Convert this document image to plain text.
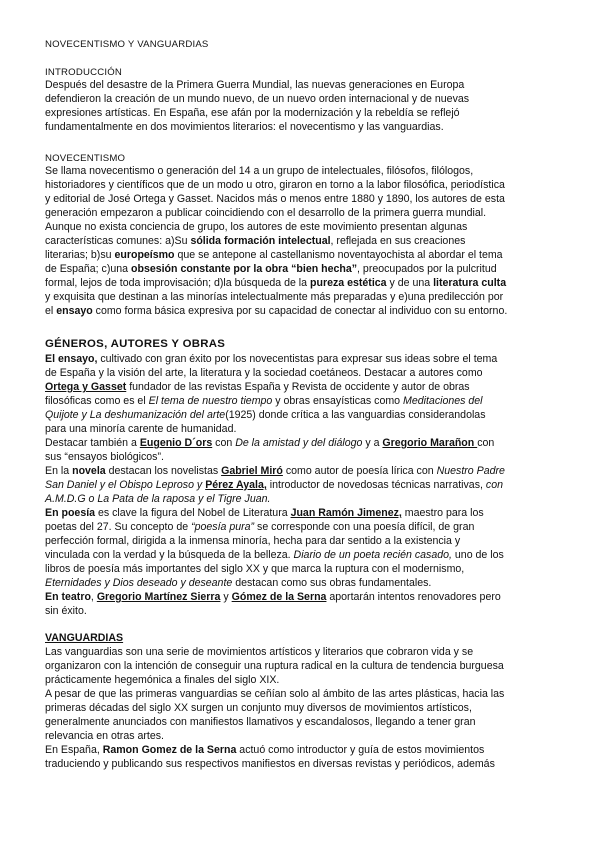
NOVECENTISMO Y VANGUARDIAS
INTRODUCCIÓN
Después del desastre de la Primera Guerra Mundial, las nuevas generaciones en Europa
defendieron la creación de un mundo nuevo, de un nuevo orden internacional y de nuevas
expresiones artísticas. En España, ese afán por la modernización y la rebeldía se reflejó
fundamentalmente en dos movimientos literarios: el novecentismo y las vanguardias.
NOVECENTISMO
Se llama novecentismo o generación del 14 a un grupo de intelectuales, filósofos, filólogos,
historiadores y científicos que de un modo u otro, giraron en torno a la labor filosófica, periodística
y editorial de José Ortega y Gasset. Nacidos más o menos entre 1880 y 1890, los autores de esta
generación empezaron a publicar coincidiendo con el desarrollo de la primera guerra mundial.
Aunque no exista conciencia de grupo, los autores de este movimiento presentan algunas
características comunes: a)Su sólida formación intelectual, reflejada en sus creaciones
literarias; b)su europeísmo que se antepone al castellanismo noventayochista al abordar el tema
de España; c)una obsesión constante por la obra “bien hecha”, preocupados por la pulcritud
formal, lejos de toda improvisación; d)la búsqueda de la pureza estética y de una literatura culta
y exquisita que destinan a las minorías intelectualmente más preparadas y e)una predilección por
el ensayo como forma básica expresiva por su capacidad de conectar al individuo con su entorno.
GÉNEROS, AUTORES Y OBRAS
El ensayo, cultivado con gran éxito por los novecentistas para expresar sus ideas sobre el tema
de España y la visión del arte, la literatura y la sociedad coetáneos. Destacar a autores como
Ortega y Gasset fundador de las revistas España y Revista de occidente y autor de obras
filosóficas como es el El tema de nuestro tiempo y obras ensayísticas como Meditaciones del
Quijote y La deshumanización del arte(1925) donde crítica a las vanguardias considerandolas
para una minoría carente de humanidad.
Destacar también a Eugenio D´ors con De la amistad y del diálogo y a Gregorio Marañon con
sus “ensayos biológicos”.
En la novela destacan los novelistas Gabriel Miró como autor de poesía lírica con Nuestro Padre
San Daniel y el Obispo Leproso y Pérez Ayala, introductor de novedosas técnicas narrativas, con
A.M.D.G o La Pata de la raposa y el Tigre Juan.
En poesía es clave la figura del Nobel de Literatura Juan Ramón Jimenez, maestro para los
poetas del 27. Su concepto de “poesía pura” se corresponde con una poesía difícil, de gran
perfección formal, dirigida a la inmensa minoría, hecha para dar sentido a la existencia y
vinculada con la verdad y la búsqueda de la belleza. Diario de un poeta recién casado, uno de los
libros de poesía más importantes del siglo XX y que marca la ruptura con el modernismo,
Eternidades y Dios deseado y deseante destacan como sus obras fundamentales.
En teatro, Gregorio Martínez Sierra y Gómez de la Serna aportarán intentos renovadores pero
sin éxito.
VANGUARDIAS
Las vanguardias son una serie de movimientos artísticos y literarios que cobraron vida y se
organizaron con la intención de conseguir una ruptura radical en la cultura de tendencia burguesa
prácticamente hegemónica a finales del siglo XIX.
A pesar de que las primeras vanguardias se ceñían solo al ámbito de las artes plásticas, hacia las
primeras décadas del siglo XX surgen un conjunto muy diversos de movimientos artísticos,
generalmente anunciados con manifiestos llamativos y escandalosos, llegando a tener gran
relevancia en otras artes.
En España, Ramon Gomez de la Serna actuó como introductor y guía de estos movimientos
traduciendo y publicando sus respectivos manifiestos en diversas revistas y periódicos, además
